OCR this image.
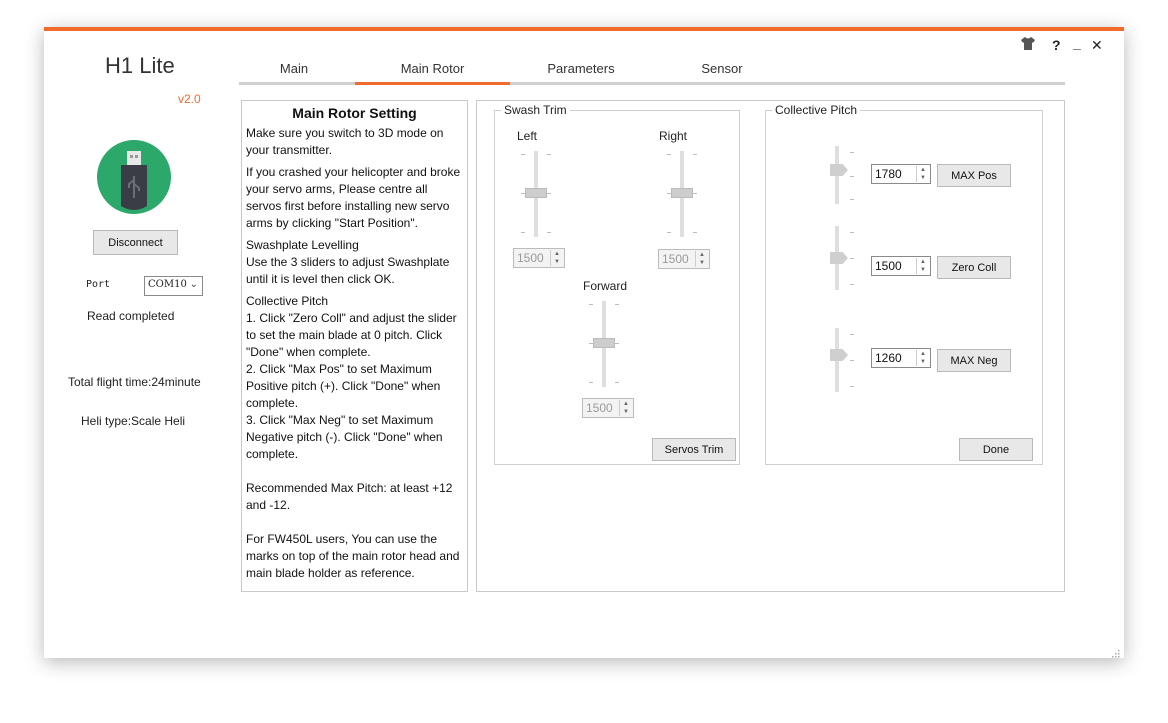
? _ ✕
H1 Lite
v2.0
Disconnect
Port	COM10 ⌄
Read completed
Total flight time:24minute
Heli type:Scale Heli
Main	Main Rotor	Parameters	Sensor
Main Rotor Setting

Make sure you switch to 3D mode on your transmitter.

If you crashed your helicopter and broke your servo arms, Please centre all servos first before installing new servo arms by clicking "Start Position".

Swashplate Levelling

Use the 3 sliders to adjust Swashplate until it is level then click OK.

Collective Pitch

1. Click "Zero Coll" and adjust the slider to set the main blade at 0 pitch. Click "Done" when complete.

2. Click "Max Pos" to set Maximum Positive pitch (+). Click "Done" when complete.

3. Click "Max Neg" to set Maximum Negative pitch (-). Click "Done" when complete.

Recommended Max Pitch: at least +12 and -12.

For FW450L users, You can use the marks on top of the main rotor head and main blade holder as reference.

Swash Trim
Left
1500	▲
▼
Right
1500	▲
▼
Forward
1500	▲
▼
Servos Trim
Collective Pitch
1780	▲
▼	MAX Pos
1500	▲
▼	Zero Coll
1260	▲
▼	MAX Neg
Done
